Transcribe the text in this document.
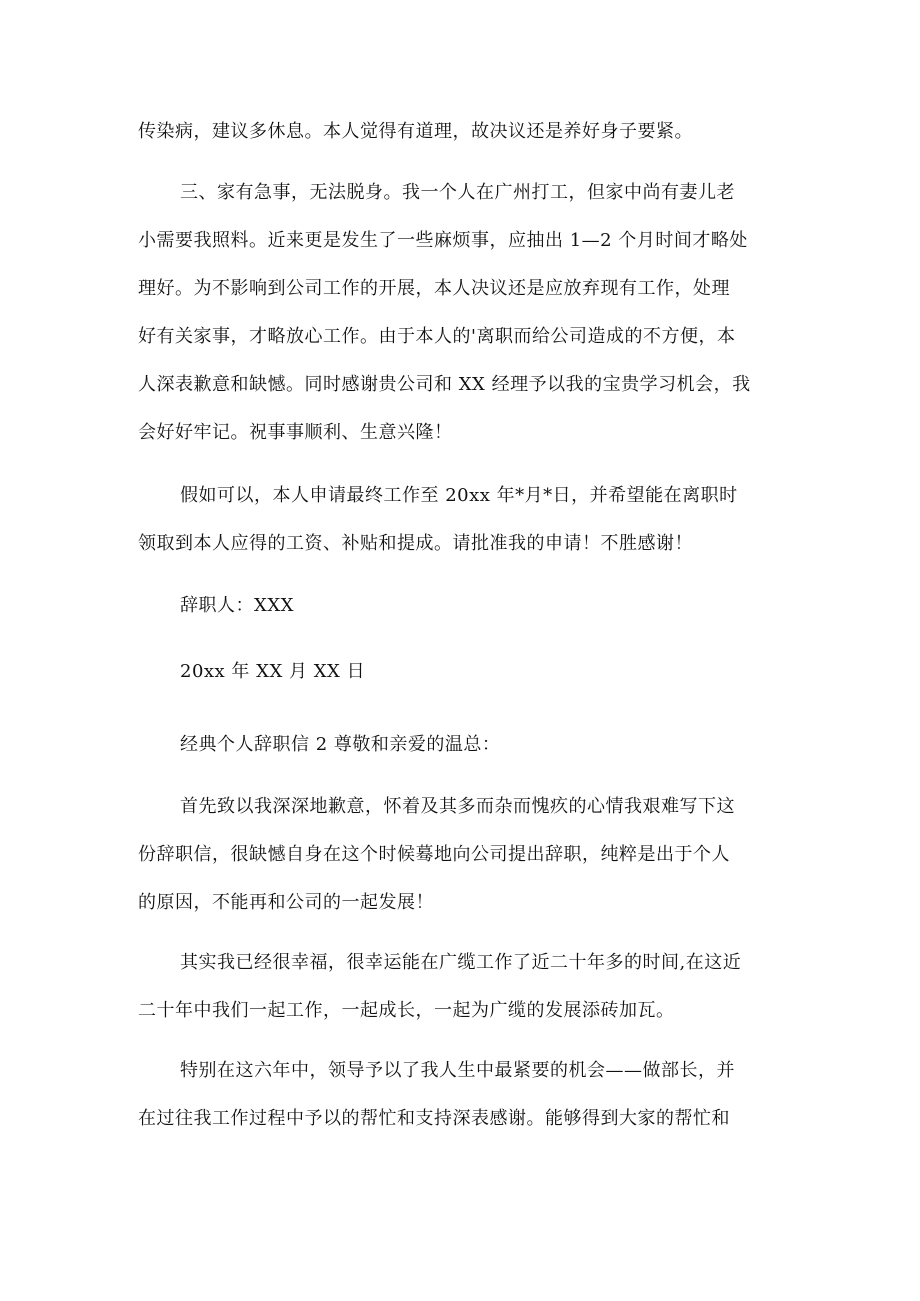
传染病，建议多休息。本人觉得有道理，故决议还是养好身子要紧。
三、家有急事，无法脱身。我一个人在广州打工，但家中尚有妻儿老
小需要我照料。近来更是发生了一些麻烦事，应抽出 1—2 个月时间才略处
理好。为不影响到公司工作的开展，本人决议还是应放弃现有工作，处理
好有关家事，才略放心工作。由于本人的'离职而给公司造成的不方便，本
人深表歉意和缺憾。同时感谢贵公司和 XX 经理予以我的宝贵学习机会，我
会好好牢记。祝事事顺利、生意兴隆！
假如可以，本人申请最终工作至 20xx 年*月*日，并希望能在离职时
领取到本人应得的工资、补贴和提成。请批准我的申请！不胜感谢！
辞职人：XXX
20xx 年 XX 月 XX 日
经典个人辞职信 2 尊敬和亲爱的温总：
首先致以我深深地歉意，怀着及其多而杂而愧疚的心情我艰难写下这
份辞职信，很缺憾自身在这个时候蓦地向公司提出辞职，纯粹是出于个人
的原因，不能再和公司的一起发展！
其实我已经很幸福，很幸运能在广缆工作了近二十年多的时间,在这近
二十年中我们一起工作，一起成长，一起为广缆的发展添砖加瓦。
特别在这六年中，领导予以了我人生中最紧要的机会——做部长，并
在过往我工作过程中予以的帮忙和支持深表感谢。能够得到大家的帮忙和
